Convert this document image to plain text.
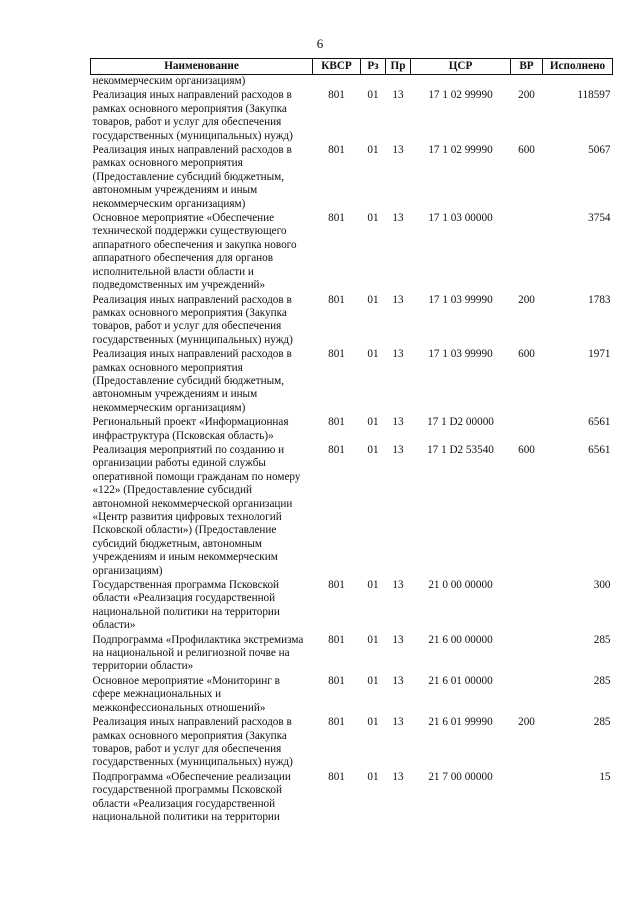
6
Наименование	КВСР	Рз	Пр	ЦСР	ВР	Исполнено
некоммерческим организациям)						
Реализация иных направлений расходов в рамках основного мероприятия (Закупка товаров, работ и услуг для обеспечения государственных (муниципальных) нужд)	801	01	13	17 1 02 99990	200	118597
Реализация иных направлений расходов в рамках основного мероприятия (Предоставление субсидий бюджетным, автономным учреждениям и иным некоммерческим организациям)	801	01	13	17 1 02 99990	600	5067
Основное мероприятие «Обеспечение технической поддержки существующего аппаратного обеспечения и закупка нового аппаратного обеспечения для органов исполнительной власти области и подведомственных им учреждений»	801	01	13	17 1 03 00000		3754
Реализация иных направлений расходов в рамках основного мероприятия (Закупка товаров, работ и услуг для обеспечения государственных (муниципальных) нужд)	801	01	13	17 1 03 99990	200	1783
Реализация иных направлений расходов в рамках основного мероприятия (Предоставление субсидий бюджетным, автономным учреждениям и иным некоммерческим организациям)	801	01	13	17 1 03 99990	600	1971
Региональный проект «Информационная инфраструктура (Псковская область)»	801	01	13	17 1 D2 00000		6561
Реализация мероприятий по созданию и организации работы единой службы оперативной помощи гражданам по номеру «122» (Предоставление субсидий автономной некоммерческой организации «Центр развития цифровых технологий Псковской области») (Предоставление субсидий бюджетным, автономным учреждениям и иным некоммерческим организациям)	801	01	13	17 1 D2 53540	600	6561
Государственная программа Псковской области «Реализация государственной национальной политики на территории области»	801	01	13	21 0 00 00000		300
Подпрограмма «Профилактика экстремизма на национальной и религиозной почве на территории области»	801	01	13	21 6 00 00000		285
Основное мероприятие «Мониторинг в сфере межнациональных и межконфессиональных отношений»	801	01	13	21 6 01 00000		285
Реализация иных направлений расходов в рамках основного мероприятия (Закупка товаров, работ и услуг для обеспечения государственных (муниципальных) нужд)	801	01	13	21 6 01 99990	200	285
Подпрограмма «Обеспечение реализации государственной программы Псковской области «Реализация государственной национальной политики на территории	801	01	13	21 7 00 00000		15
